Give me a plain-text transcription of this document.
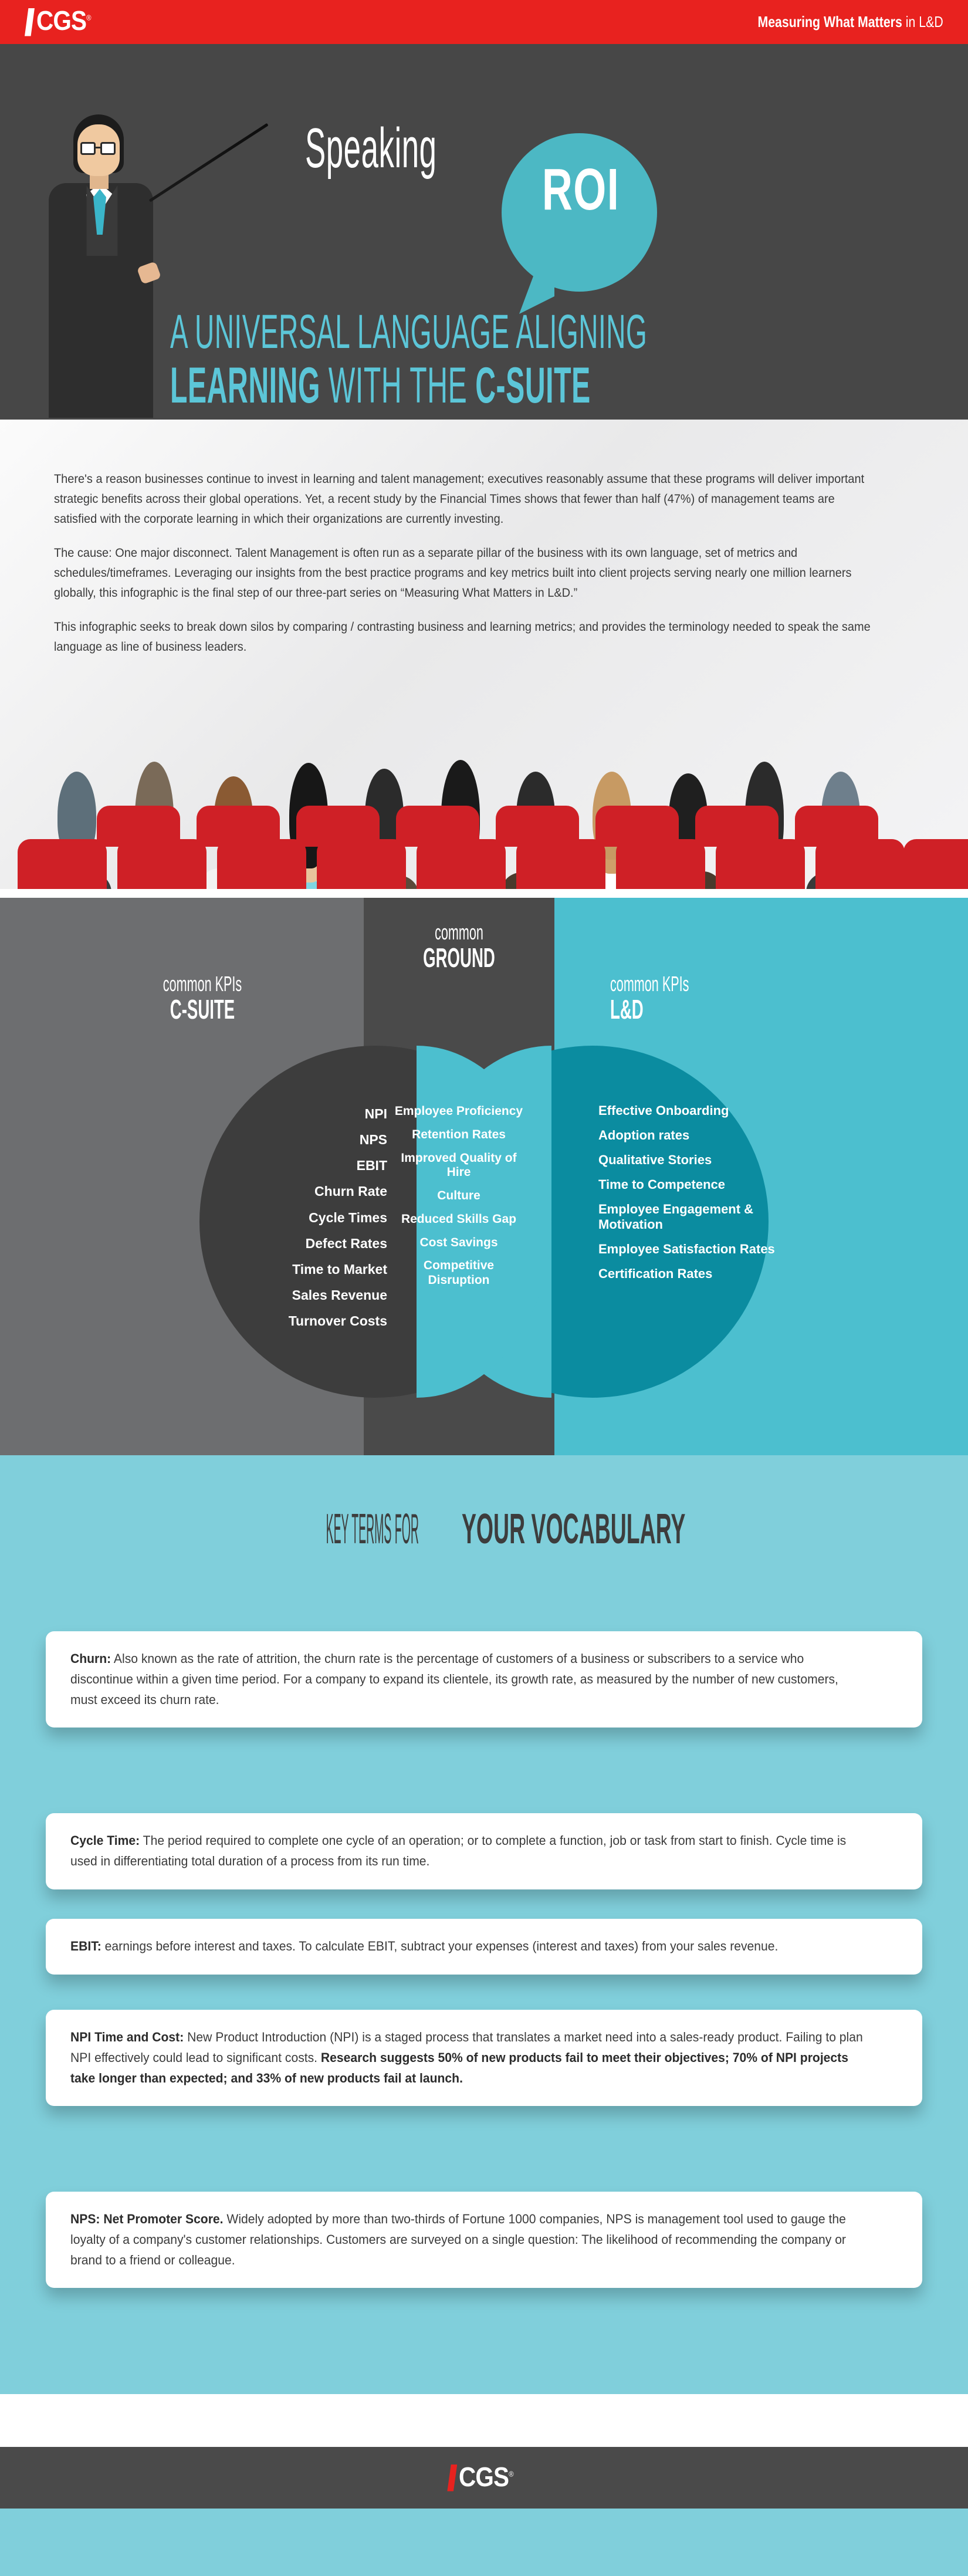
CGS®	Measuring What Matters in L&D
Speaking
ROI
A UNIVERSAL LANGUAGE ALIGNING
LEARNING WITH THE C-SUITE

There's a reason businesses continue to invest in learning and talent management; executives reasonably assume that these programs will deliver important strategic benefits across their global operations. Yet, a recent study by the Financial Times shows that fewer than half (47%) of management teams are satisfied with the corporate learning in which their organizations are currently investing.

The cause: One major disconnect. Talent Management is often run as a separate pillar of the business with its own language, set of metrics and schedules/timeframes. Leveraging our insights from the best practice programs and key metrics built into client projects serving nearly one million learners globally, this infographic is the final step of our three-part series on “Measuring What Matters in L&D.”

This infographic seeks to break down silos by comparing / contrasting business and learning metrics; and provides the terminology needed to speak the same language as line of business leaders.

common
GROUND
common KPIs
C-SUITE
common KPIs
L&D
NPI
NPS
EBIT
Churn Rate
Cycle Times
Defect Rates
Time to Market
Sales Revenue
Turnover Costs
Employee Proficiency
Retention Rates
Improved Quality of Hire
Culture
Reduced Skills Gap
Cost Savings
Competitive Disruption
Effective Onboarding
Adoption rates
Qualitative Stories
Time to Competence
Employee Engagement & Motivation
Employee Satisfaction Rates
Certification Rates
KEY TERMS FORYOUR VOCABULARY

Churn: Also known as the rate of attrition, the churn rate is the percentage of customers of a business or subscribers to a service who discontinue within a given time period. For a company to expand its clientele, its growth rate, as measured by the number of new customers, must exceed its churn rate.

Cycle Time: The period required to complete one cycle of an operation; or to complete a function, job or task from start to finish. Cycle time is used in differentiating total duration of a process from its run time.

EBIT: earnings before interest and taxes. To calculate EBIT, subtract your expenses (interest and taxes) from your sales revenue.

NPI Time and Cost: New Product Introduction (NPI) is a staged process that translates a market need into a sales-ready product. Failing to plan NPI effectively could lead to significant costs. Research suggests 50% of new products fail to meet their objectives; 70% of NPI projects take longer than expected; and 33% of new products fail at launch.

NPS: Net Promoter Score. Widely adopted by more than two-thirds of Fortune 1000 companies, NPS is management tool used to gauge the loyalty of a company's customer relationships. Customers are surveyed on a single question: The likelihood of recommending the company or brand to a friend or colleague.

CGS®
